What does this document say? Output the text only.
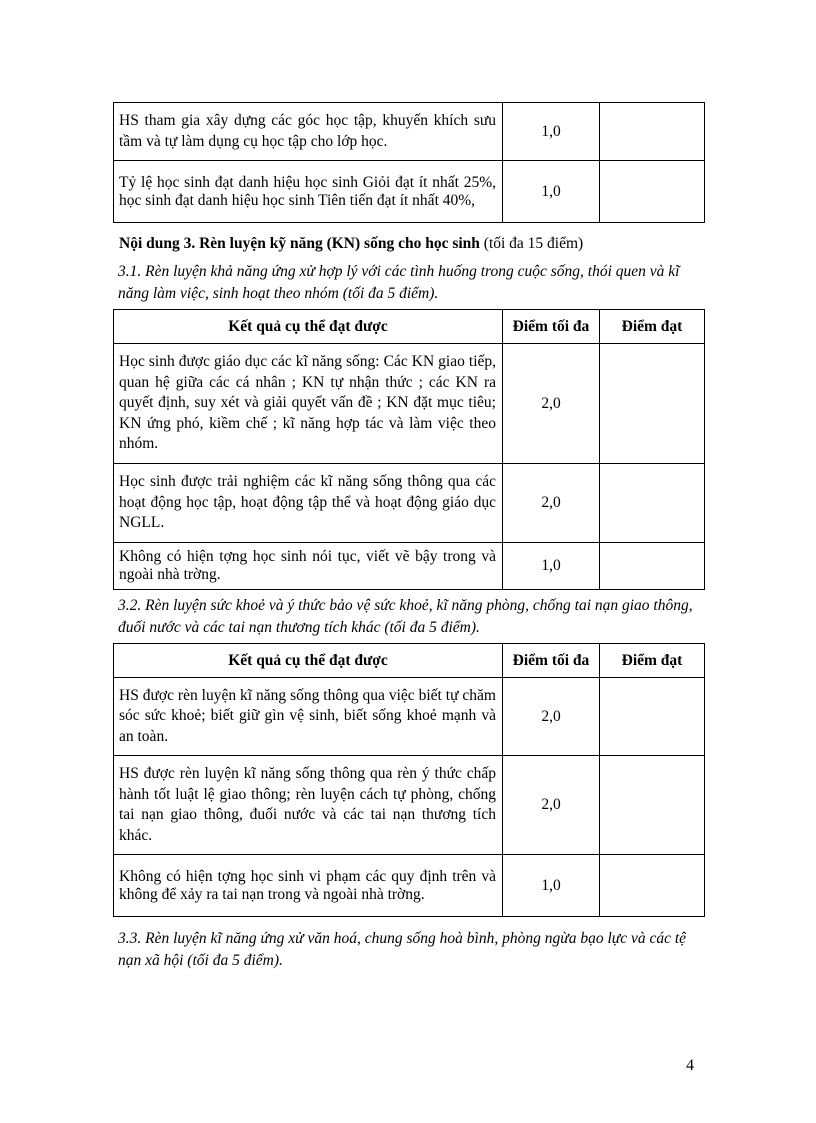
HS tham gia xây dựng các góc học tập, khuyến khích sưu tầm và tự làm dụng cụ học tập cho lớp học.	1,0	

Tỷ lệ học sinh đạt danh hiệu học sinh Giỏi đạt ít nhất 25%, học sinh đạt danh hiệu học sinh Tiên tiến đạt ít nhất 40%,	1,0	
Nội dung 3. Rèn luyện kỹ năng (KN) sống cho học sinh (tối đa 15 điểm)
3.1. Rèn luyện khả năng ứng xử hợp lý với các tình huống trong cuộc sống, thói quen và kĩ năng làm việc, sinh hoạt theo nhóm (tối đa 5 điểm).
Kết quả cụ thể đạt được	Điểm tối đa	Điểm đạt

Học sinh được giáo dục các kĩ năng sống: Các KN giao tiếp, quan hệ giữa các cá nhân ; KN tự nhận thức ; các KN ra quyết định, suy xét và giải quyết vấn đề ; KN đặt mục tiêu; KN ứng phó, kiềm chế ; kĩ năng hợp tác và làm việc theo nhóm.	2,0	

Học sinh được trải nghiệm các kĩ năng sống thông qua các hoạt động học tập, hoạt động tập thể và hoạt động giáo dục NGLL.	2,0	

Không có hiện tợng học sinh nói tục, viết vẽ bậy trong và ngoài nhà trờng.	1,0	
3.2. Rèn luyện sức khoẻ và ý thức bảo vệ sức khoẻ, kĩ năng phòng, chống tai nạn giao thông, đuối nước và các tai nạn thương tích khác (tối đa 5 điểm).
Kết quả cụ thể đạt được	Điểm tối đa	Điểm đạt

HS được rèn luyện kĩ năng sống thông qua việc biết tự chăm sóc sức khoẻ; biết giữ gìn vệ sinh, biết sống khoẻ mạnh và an toàn.	2,0	

HS được rèn luyện kĩ năng sống thông qua rèn ý thức chấp hành tốt luật lệ giao thông; rèn luyện cách tự phòng, chống tai nạn giao thông, đuối nước và các tai nạn thương tích khác.	2,0	

Không có hiện tợng học sinh vi phạm các quy định trên và không để xảy ra tai nạn trong và ngoài nhà trờng.	1,0	
3.3. Rèn luyện kĩ năng ứng xử văn hoá, chung sống hoà bình, phòng ngừa bạo lực và các tệ nạn xã hội (tối đa 5 điểm).
4
